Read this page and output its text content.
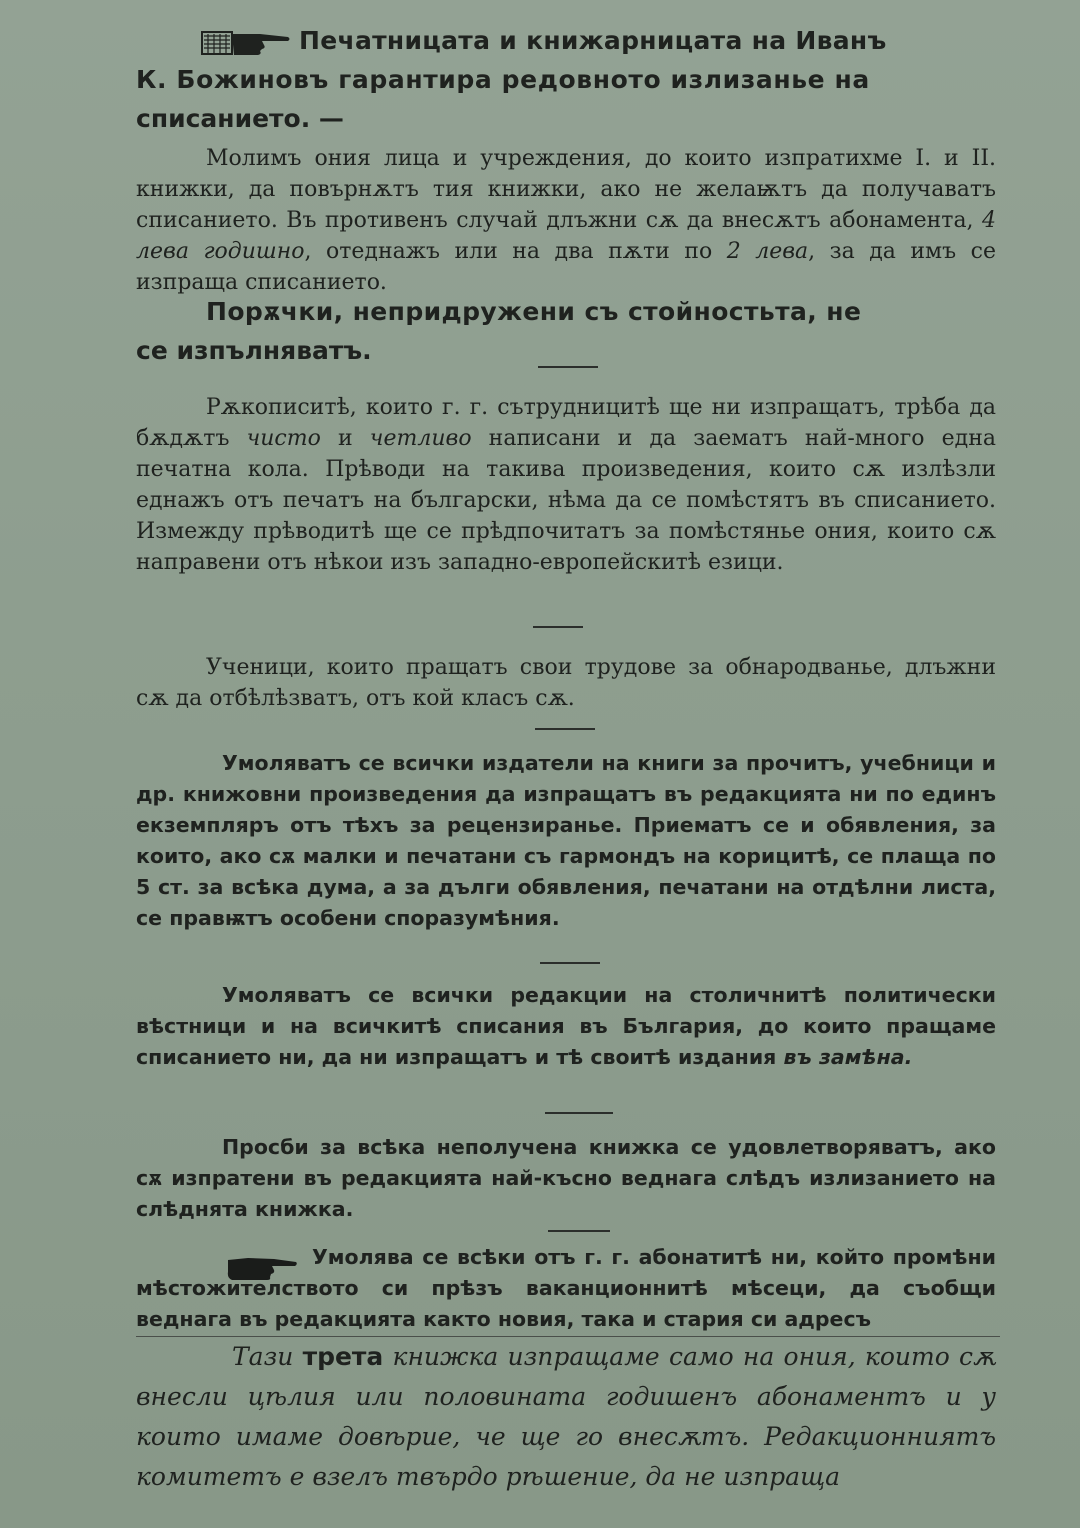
Печатницата и книжарницата на Иванъ

К. Божиновъ гарантира редовното излизанье на

списанието. —

Молимъ ония лица и учреждения, до които изпратихме I. и II. книжки, да повърнѫтъ тия книжки, ако не желаѭтъ да получаватъ списанието. Въ противенъ случай длъжни сѫ да внесѫтъ абонамента, 4 лева годишно, отеднажъ или на два пѫти по 2 лева, за да имъ се изпраща списанието.

Порѫчки, непридружени съ стойностьта, не

се изпълняватъ.

Рѫкописитѣ, които г. г. сътрудницитѣ ще ни изпращатъ, трѣба да бѫдѫтъ чисто и четливо написани и да заематъ най-много една печатна кола. Прѣводи на такива произведения, които сѫ излѣзли еднажъ отъ печатъ на български, нѣма да се помѣстятъ въ списанието. Измежду прѣводитѣ ще се прѣдпочитатъ за помѣстянье ония, които сѫ направени отъ нѣкои изъ западно-европейскитѣ езици.

Ученици, които пращатъ свои трудове за обнародванье, длъжни сѫ да отбѣлѣзватъ, отъ кой класъ сѫ.

Умоляватъ се всички издатели на книги за прочитъ, учебници и др. книжовни произведения да изпращатъ въ редакцията ни по единъ екземпляръ отъ тѣхъ за рецензиранье. Приематъ се и обявления, за които, ако сѫ малки и печатани съ гармондъ на корицитѣ, се плаща по 5 ст. за всѣка дума, а за дълги обявления, печатани на отдѣлни листа, се правѭтъ особени споразумѣния.

Умоляватъ се всички редакции на столичнитѣ политически вѣстници и на всичкитѣ списания въ България, до които пращаме списанието ни, да ни изпращатъ и тѣ своитѣ издания въ замѣна.

Просби за всѣка неполучена книжка се удовлетворяватъ, ако сѫ изпратени въ редакцията най-късно веднага слѣдъ излизанието на слѣднята книжка.

Умолява се всѣки отъ г. г. абонатитѣ ни, който промѣни мѣстожителството си прѣзъ ваканционнитѣ мѣсеци, да съобщи веднага въ редакцията както новия, така и стария си адресъ

Тази трета книжка изпращаме само на ония, които сѫ внесли цѣлия или половината годишенъ абонаментъ и у които имаме довѣрие, че ще го внесѫтъ. Редакционниятъ комитетъ е взелъ твърдо рѣшение, да не изпраща
